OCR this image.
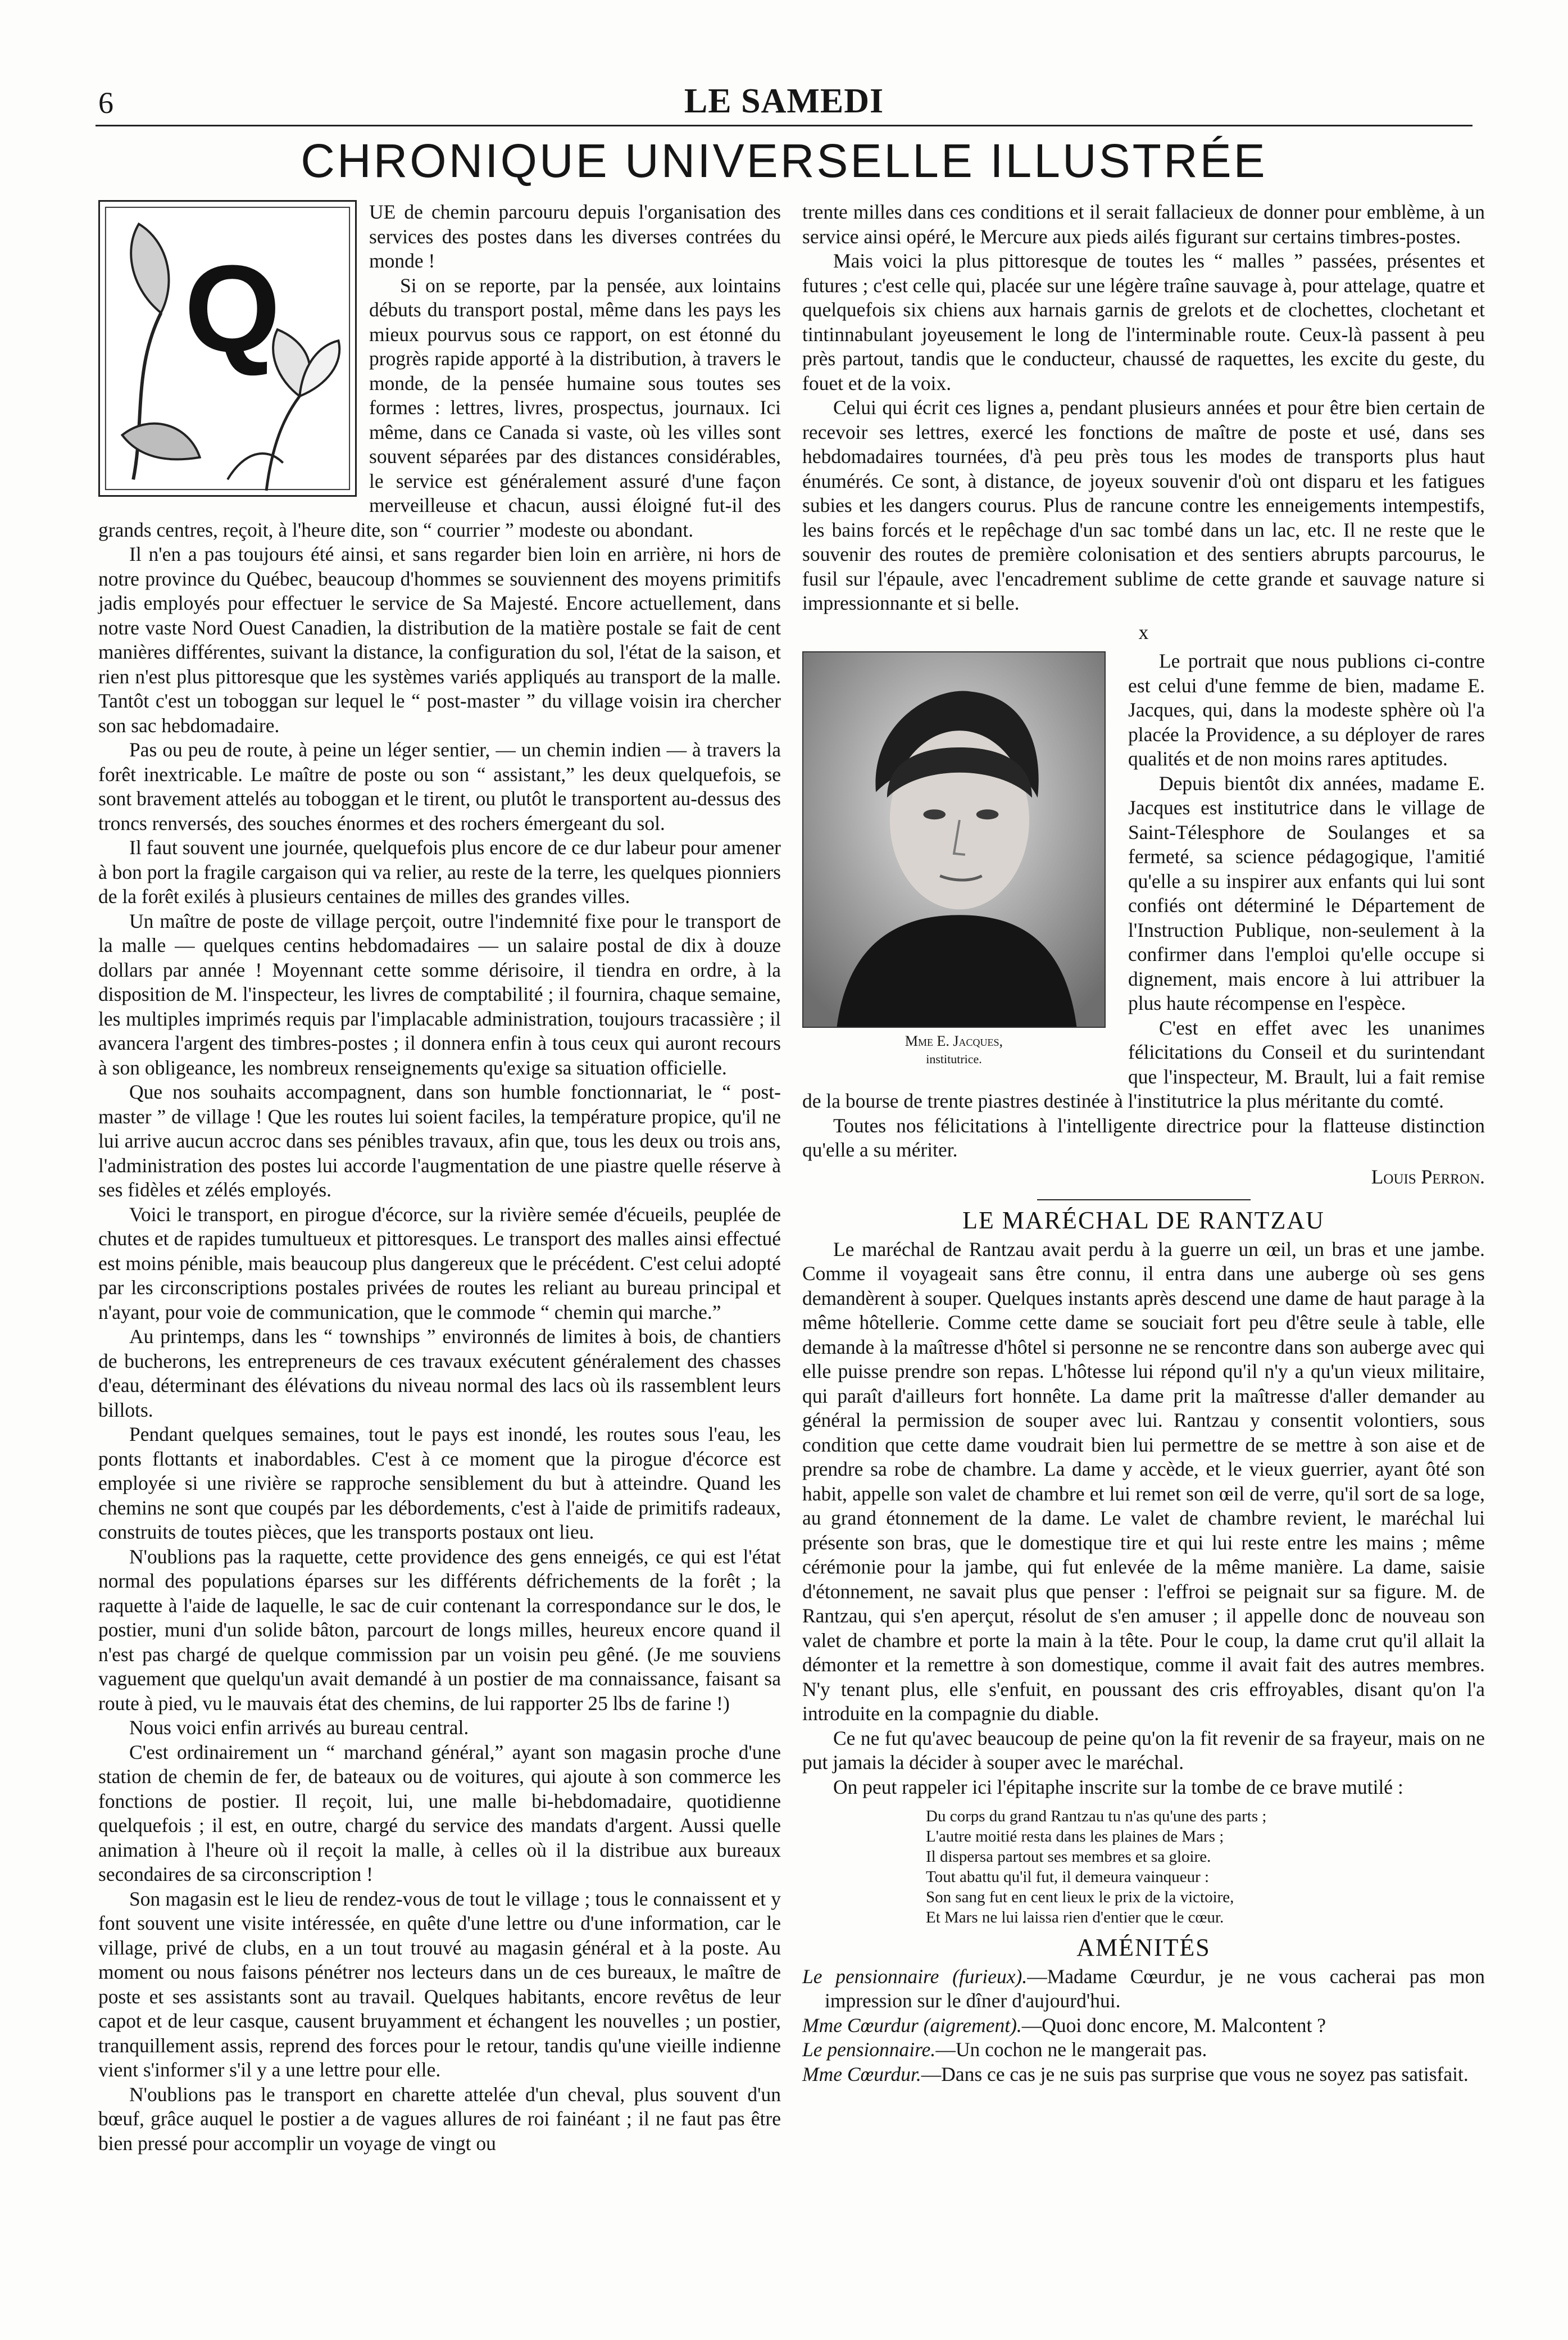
6	LE SAMEDI
CHRONIQUE UNIVERSELLE ILLUSTRÉE
Q

UE de chemin parcouru depuis l'organisation des services des postes dans les diverses contrées du monde !

Si on se reporte, par la pensée, aux lointains débuts du transport postal, même dans les pays les mieux pourvus sous ce rapport, on est étonné du progrès rapide apporté à la distribution, à travers le monde, de la pensée humaine sous toutes ses formes : lettres, livres, prospectus, journaux. Ici même, dans ce Canada si vaste, où les villes sont souvent séparées par des distances considérables, le service est généralement assuré d'une façon merveilleuse et chacun, aussi éloigné fut-il des grands centres, reçoit, à l'heure dite, son “ courrier ” modeste ou abondant.

Il n'en a pas toujours été ainsi, et sans regarder bien loin en arrière, ni hors de notre province du Québec, beaucoup d'hommes se souviennent des moyens primitifs jadis employés pour effectuer le service de Sa Majesté. Encore actuellement, dans notre vaste Nord Ouest Canadien, la distribution de la matière postale se fait de cent manières différentes, suivant la distance, la configuration du sol, l'état de la saison, et rien n'est plus pittoresque que les systèmes variés appliqués au transport de la malle. Tantôt c'est un toboggan sur lequel le “ post-master ” du village voisin ira chercher son sac hebdomadaire.

Pas ou peu de route, à peine un léger sentier, — un chemin indien — à travers la forêt inextricable. Le maître de poste ou son “ assistant,” les deux quelquefois, se sont bravement attelés au toboggan et le tirent, ou plutôt le transportent au-dessus des troncs renversés, des souches énormes et des rochers émergeant du sol.

Il faut souvent une journée, quelquefois plus encore de ce dur labeur pour amener à bon port la fragile cargaison qui va relier, au reste de la terre, les quelques pionniers de la forêt exilés à plusieurs centaines de milles des grandes villes.

Un maître de poste de village perçoit, outre l'indemnité fixe pour le transport de la malle — quelques centins hebdomadaires — un salaire postal de dix à douze dollars par année ! Moyennant cette somme dérisoire, il tiendra en ordre, à la disposition de M. l'inspecteur, les livres de comptabilité ; il fournira, chaque semaine, les multiples imprimés requis par l'implacable administration, toujours tracassière ; il avancera l'argent des timbres-postes ; il donnera enfin à tous ceux qui auront recours à son obligeance, les nombreux renseignements qu'exige sa situation officielle.

Que nos souhaits accompagnent, dans son humble fonctionnariat, le “ post-master ” de village ! Que les routes lui soient faciles, la température propice, qu'il ne lui arrive aucun accroc dans ses pénibles travaux, afin que, tous les deux ou trois ans, l'administration des postes lui accorde l'augmentation de une piastre quelle réserve à ses fidèles et zélés employés.

Voici le transport, en pirogue d'écorce, sur la rivière semée d'écueils, peuplée de chutes et de rapides tumultueux et pittoresques. Le transport des malles ainsi effectué est moins pénible, mais beaucoup plus dangereux que le précédent. C'est celui adopté par les circonscriptions postales privées de routes les reliant au bureau principal et n'ayant, pour voie de communication, que le commode “ chemin qui marche.”

Au printemps, dans les “ townships ” environnés de limites à bois, de chantiers de bucherons, les entrepreneurs de ces travaux exécutent généralement des chasses d'eau, déterminant des élévations du niveau normal des lacs où ils rassemblent leurs billots.

Pendant quelques semaines, tout le pays est inondé, les routes sous l'eau, les ponts flottants et inabordables. C'est à ce moment que la pirogue d'écorce est employée si une rivière se rapproche sensiblement du but à atteindre. Quand les chemins ne sont que coupés par les débordements, c'est à l'aide de primitifs radeaux, construits de toutes pièces, que les transports postaux ont lieu.

N'oublions pas la raquette, cette providence des gens enneigés, ce qui est l'état normal des populations éparses sur les différents défrichements de la forêt ; la raquette à l'aide de laquelle, le sac de cuir contenant la correspondance sur le dos, le postier, muni d'un solide bâton, parcourt de longs milles, heureux encore quand il n'est pas chargé de quelque commission par un voisin peu gêné. (Je me souviens vaguement que quelqu'un avait demandé à un postier de ma connaissance, faisant sa route à pied, vu le mauvais état des chemins, de lui rapporter 25 lbs de farine !)

Nous voici enfin arrivés au bureau central.

C'est ordinairement un “ marchand général,” ayant son magasin proche d'une station de chemin de fer, de bateaux ou de voitures, qui ajoute à son commerce les fonctions de postier. Il reçoit, lui, une malle bi-hebdomadaire, quotidienne quelquefois ; il est, en outre, chargé du service des mandats d'argent. Aussi quelle animation à l'heure où il reçoit la malle, à celles où il la distribue aux bureaux secondaires de sa circonscription !

Son magasin est le lieu de rendez-vous de tout le village ; tous le connaissent et y font souvent une visite intéressée, en quête d'une lettre ou d'une information, car le village, privé de clubs, en a un tout trouvé au magasin général et à la poste. Au moment ou nous faisons pénétrer nos lecteurs dans un de ces bureaux, le maître de poste et ses assistants sont au travail. Quelques habitants, encore revêtus de leur capot et de leur casque, causent bruyamment et échangent les nouvelles ; un postier, tranquillement assis, reprend des forces pour le retour, tandis qu'une vieille indienne vient s'informer s'il y a une lettre pour elle.

N'oublions pas le transport en charette attelée d'un cheval, plus souvent d'un bœuf, grâce auquel le postier a de vagues allures de roi fainéant ; il ne faut pas être bien pressé pour accomplir un voyage de vingt ou

trente milles dans ces conditions et il serait fallacieux de donner pour emblème, à un service ainsi opéré, le Mercure aux pieds ailés figurant sur certains timbres-postes.

Mais voici la plus pittoresque de toutes les “ malles ” passées, présentes et futures ; c'est celle qui, placée sur une légère traîne sauvage à, pour attelage, quatre et quelquefois six chiens aux harnais garnis de grelots et de clochettes, clochetant et tintinnabulant joyeusement le long de l'interminable route. Ceux-là passent à peu près partout, tandis que le conducteur, chaussé de raquettes, les excite du geste, du fouet et de la voix.

Celui qui écrit ces lignes a, pendant plusieurs années et pour être bien certain de recevoir ses lettres, exercé les fonctions de maître de poste et usé, dans ses hebdomadaires tournées, d'à peu près tous les modes de transports plus haut énumérés. Ce sont, à distance, de joyeux souvenir d'où ont disparu et les fatigues subies et les dangers courus. Plus de rancune contre les enneigements intempestifs, les bains forcés et le repêchage d'un sac tombé dans un lac, etc. Il ne reste que le souvenir des routes de première colonisation et des sentiers abrupts parcourus, le fusil sur l'épaule, avec l'encadrement sublime de cette grande et sauvage nature si impressionnante et si belle.

x

Mme E. Jacques,
institutrice.

Le portrait que nous publions ci-contre est celui d'une femme de bien, madame E. Jacques, qui, dans la modeste sphère où l'a placée la Providence, a su déployer de rares qualités et de non moins rares aptitudes.

Depuis bientôt dix années, madame E. Jacques est institutrice dans le village de Saint-Télesphore de Soulanges et sa fermeté, sa science pédagogique, l'amitié qu'elle a su inspirer aux enfants qui lui sont confiés ont déterminé le Département de l'Instruction Publique, non-seulement à la confirmer dans l'emploi qu'elle occupe si dignement, mais encore à lui attribuer la plus haute récompense en l'espèce.

C'est en effet avec les unanimes félicitations du Conseil et du surintendant que l'inspecteur, M. Brault, lui a fait remise de la bourse de trente piastres destinée à l'institutrice la plus méritante du comté.

Toutes nos félicitations à l'intelligente directrice pour la flatteuse distinction qu'elle a su mériter.

Louis Perron.

LE MARÉCHAL DE RANTZAU

Le maréchal de Rantzau avait perdu à la guerre un œil, un bras et une jambe. Comme il voyageait sans être connu, il entra dans une auberge où ses gens demandèrent à souper. Quelques instants après descend une dame de haut parage à la même hôtellerie. Comme cette dame se souciait fort peu d'être seule à table, elle demande à la maîtresse d'hôtel si personne ne se rencontre dans son auberge avec qui elle puisse prendre son repas. L'hôtesse lui répond qu'il n'y a qu'un vieux militaire, qui paraît d'ailleurs fort honnête. La dame prit la maîtresse d'aller demander au général la permission de souper avec lui. Rantzau y consentit volontiers, sous condition que cette dame voudrait bien lui permettre de se mettre à son aise et de prendre sa robe de chambre. La dame y accède, et le vieux guerrier, ayant ôté son habit, appelle son valet de chambre et lui remet son œil de verre, qu'il sort de sa loge, au grand étonnement de la dame. Le valet de chambre revient, le maréchal lui présente son bras, que le domestique tire et qui lui reste entre les mains ; même cérémonie pour la jambe, qui fut enlevée de la même manière. La dame, saisie d'étonnement, ne savait plus que penser : l'effroi se peignait sur sa figure. M. de Rantzau, qui s'en aperçut, résolut de s'en amuser ; il appelle donc de nouveau son valet de chambre et porte la main à la tête. Pour le coup, la dame crut qu'il allait la démonter et la remettre à son domestique, comme il avait fait des autres membres. N'y tenant plus, elle s'enfuit, en poussant des cris effroyables, disant qu'on l'a introduite en la compagnie du diable.

Ce ne fut qu'avec beaucoup de peine qu'on la fit revenir de sa frayeur, mais on ne put jamais la décider à souper avec le maréchal.

On peut rappeler ici l'épitaphe inscrite sur la tombe de ce brave mutilé :

Du corps du grand Rantzau tu n'as qu'une des parts ;
L'autre moitié resta dans les plaines de Mars ;
Il dispersa partout ses membres et sa gloire.
Tout abattu qu'il fut, il demeura vainqueur :
Son sang fut en cent lieux le prix de la victoire,
Et Mars ne lui laissa rien d'entier que le cœur.

AMÉNITÉS

Le pensionnaire (furieux).—Madame Cœurdur, je ne vous cacherai pas mon impression sur le dîner d'aujourd'hui.

Mme Cœurdur (aigrement).—Quoi donc encore, M. Malcontent ?

Le pensionnaire.—Un cochon ne le mangerait pas.

Mme Cœurdur.—Dans ce cas je ne suis pas surprise que vous ne soyez pas satisfait.
